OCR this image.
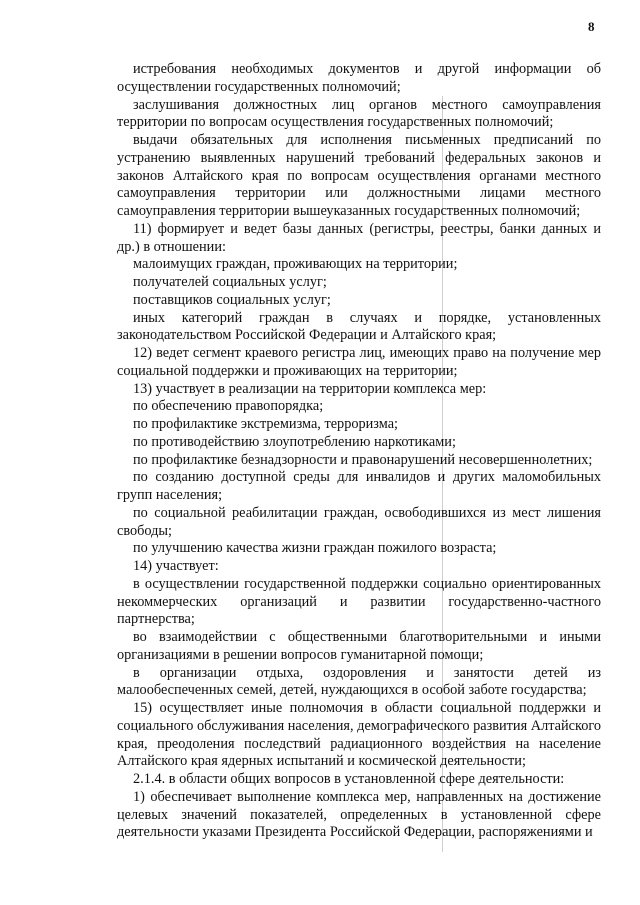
8

истребования необходимых документов и другой информации об осуществлении государственных полномочий;

заслушивания должностных лиц органов местного самоуправления территории по вопросам осуществления государственных полномочий;

выдачи обязательных для исполнения письменных предписаний по устранению выявленных нарушений требований федеральных законов и законов Алтайского края по вопросам осуществления органами местного самоуправления территории или должностными лицами местного самоуправления территории вышеуказанных государственных полномочий;

11) формирует и ведет базы данных (регистры, реестры, банки данных и др.) в отношении:

малоимущих граждан, проживающих на территории;

получателей социальных услуг;

поставщиков социальных услуг;

иных категорий граждан в случаях и порядке, установленных законодательством Российской Федерации и Алтайского края;

12) ведет сегмент краевого регистра лиц, имеющих право на получение мер социальной поддержки и проживающих на территории;

13) участвует в реализации на территории комплекса мер:

по обеспечению правопорядка;

по профилактике экстремизма, терроризма;

по противодействию злоупотреблению наркотиками;

по профилактике безнадзорности и правонарушений несовершеннолетних;

по созданию доступной среды для инвалидов и других маломобильных групп населения;

по социальной реабилитации граждан, освободившихся из мест лишения свободы;

по улучшению качества жизни граждан пожилого возраста;

14) участвует:

в осуществлении государственной поддержки социально ориентированных некоммерческих организаций и развитии государственно-частного партнерства;

во взаимодействии с общественными благотворительными и иными организациями в решении вопросов гуманитарной помощи;

в организации отдыха, оздоровления и занятости детей из малообеспеченных семей, детей, нуждающихся в особой заботе государства;

15) осуществляет иные полномочия в области социальной поддержки и социального обслуживания населения, демографического развития Алтайского края, преодоления последствий радиационного воздействия на население Алтайского края ядерных испытаний и космической деятельности;

2.1.4. в области общих вопросов в установленной сфере деятельности:

1) обеспечивает выполнение комплекса мер, направленных на достижение целевых значений показателей, определенных в установленной сфере деятельности указами Президента Российской Федерации, распоряжениями и
